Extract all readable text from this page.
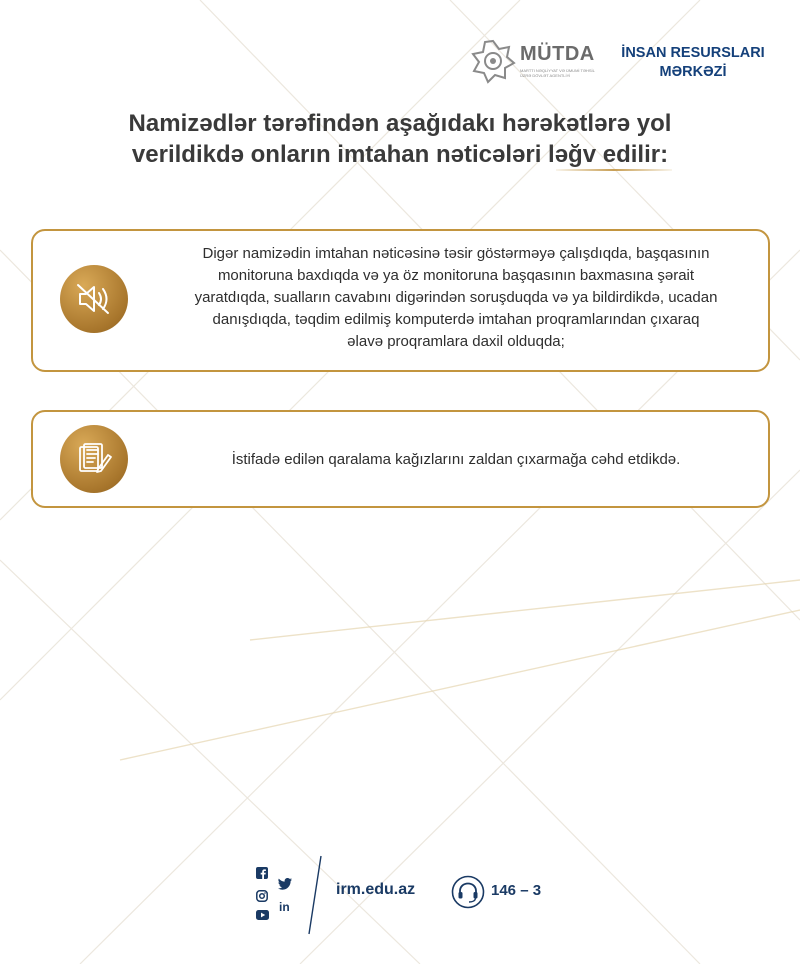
MÜTDA
MARTTI NƏQLİYYAT VƏ ÜMUMİ TƏHSİL ÜZRƏ DÖVLƏT AGENTLİYİ
İNSAN RESURSLARI
MƏRKƏZİ
Namizədlər tərəfindən aşağıdakı hərəkətlərə yol
verildikdə onların imtahan nəticələri ləğv edilir:
Digər namizədin imtahan nəticəsinə təsir göstərməyə çalışdıqda, başqasının
monitoruna baxdıqda və ya öz monitoruna başqasının baxmasına şərait
yaratdıqda, sualların cavabını digərindən soruşduqda və ya bildirdikdə, ucadan
danışdıqda, təqdim edilmiş komputerdə imtahan proqramlarından çıxaraq
əlavə proqramlara daxil olduqda;
İstifadə edilən qaralama kağızlarını zaldan çıxarmağa cəhd etdikdə.
in
irm.edu.az	146 – 3
